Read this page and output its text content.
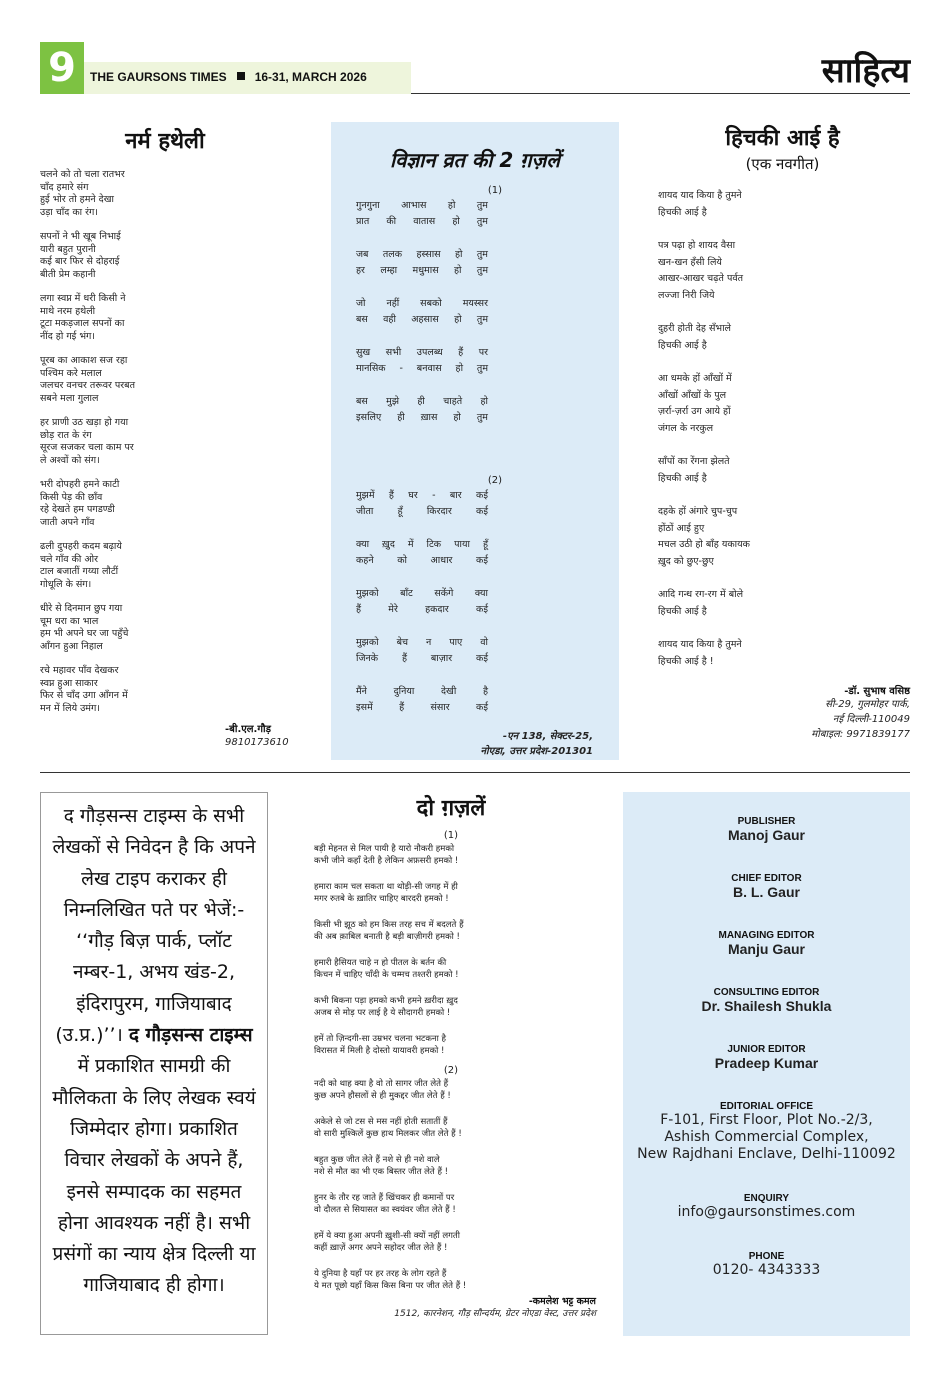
9	THE GAURSONS TIMES 16-31, MARCH 2026	साहित्य
नर्म हथेली
चलने को तो चला रातभर
चाँद हमारे संग
हुई भोर तो हमने देखा
उड़ा चाँद का रंग।
सपनों ने भी खूब निभाई
यारी बहुत पुरानी
कई बार फिर से दोहराई
बीती प्रेम कहानी
लगा स्वप्न में धरी किसी ने
माथे नरम हथेली
टूटा मकड़जाल सपनों का
नींद हो गई भंग।
पूरब का आकाश सज रहा
पश्चिम करे मलाल
जलचर वनचर तरूवर परबत
सबने मला गुलाल
हर प्राणी उठ खड़ा हो गया
छोड़ रात के रंग
सूरज सजकर चला काम पर
ले अश्वों को संग।
भरी दोपहरी हमने काटी
किसी पेड़ की छाँव
रहे देखते हम पगडण्डी
जाती अपने गाँव
ढली दुपहरी कदम बढ़ाये
चले गाँव की ओर
टाल बजातीं गय्या लौटीं
गोधूलि के संग।
धीरे से दिनमान छुप गया
चूम धरा का भाल
हम भी अपने घर जा पहुँचे
आँगन हुआ निहाल
रचे महावर पाँव देखकर
स्वप्न हुआ साकार
फिर से चाँद उगा आँगन में
मन में लिये उमंग।
-बी.एल.गौड़
9810173610
विज्ञान व्रत की 2 ग़ज़लें
(1)
गुनगुना आभास हो तुम
प्रात की वातास हो तुम
जब तलक हस्सास हो तुम
हर लम्हा मधुमास हो तुम
जो नहीं सबको मयस्सर
बस वही अहसास हो तुम
सुख सभी उपलब्ध हैं पर
मानसिक - बनवास हो तुम
बस मुझे ही चाहते हो
इसलिए ही ख़ास हो तुम
(2)
मुझमें हैं घर - बार कई
जीता हूँ किरदार कई
क्या ख़ुद में टिक पाया हूँ
कहने को आधार कई
मुझको बाँट सकेंगे क्या
हैं मेरे हकदार कई
मुझको बेच न पाए वो
जिनके हैं बाज़ार कई
मैंने दुनिया देखी है
इसमें हैं संसार कई
-एन 138, सेक्टर-25,
नोएडा, उत्तर प्रदेश-201301
हिचकी आई है
(एक नवगीत)
शायद याद किया है तुमने
हिचकी आई है
पत्र पढ़ा हो शायद वैसा
खन-खन हँसी लिये
आखर-आखर चढ़ते पर्वत
लज्जा निरी जिये
दुहरी होती देह सँभाले
हिचकी आई है
आ धमके हों आँखों में
आँखों आँखों के पुल
ज़र्रा-ज़र्रा उग आये हों
जंगल के नरकुल
साँपों का रेंगना झेलते
हिचकी आई है
दहके हों अंगारे चुप-चुप
होंठों आई हुए
मचल उठी हो बाँह यकायक
ख़ुद को छुए-छुए
आदि गन्ध रग-रग में बोले
हिचकी आई है
शायद याद किया है तुमने
हिचकी आई है !
-डॉ. सुभाष वसिष्ठ
सी-29, गुलमोहर पार्क,
नई दिल्ली-110049
मोबाइल: 9971839177
द गौड़सन्स टाइम्स के सभी लेखकों से निवेदन है कि अपने लेख टाइप कराकर ही निम्नलिखित पते पर भेजें:- ‘‘गौड़ बिज़ पार्क, प्लॉट नम्बर-1, अभय खंड-2, इंदिरापुरम, गाजियाबाद (उ.प्र.)’’। द गौड़सन्स टाइम्स में प्रकाशित सामग्री की मौलिकता के लिए लेखक स्वयं जिम्मेदार होगा। प्रकाशित विचार लेखकों के अपने हैं, इनसे सम्पादक का सहमत होना आवश्यक नहीं है। सभी प्रसंगों का न्याय क्षेत्र दिल्ली या गाजियाबाद ही होगा।
दो ग़ज़लें
(1)
बड़ी मेहनत से मिल पायी है यारो नौकरी हमको
कभी जीने कहाँ देती है लेकिन अफ़सरी हमको !
हमारा काम चल सकता था थोड़ी-सी जगह में ही
मगर रुतबे के ख़ातिर चाहिए बारदरी हमको !
किसी भी झूठ को हम किस तरह सच में बदलते हैं
की अब क़ाबिल बनाती है बड़ी बाज़ीगरी हमको !
हमारी हैसियत चाहे न हो पीतल के बर्तन की
किचन में चाहिए चाँदी के चम्मच तश्तरी हमको !
कभी बिकना पड़ा हमको कभी हमने ख़रीदा ख़ुद
अजब से मोड़ पर लाई है ये सौदागरी हमको !
हमें तो ज़िन्दगी-सा उम्रभर चलना भटकना है
विरासत में मिली है दोस्तो यायावरी हमको !
(2)
नदी को थाह क्या है वो तो सागर जीत लेते हैं
कुछ अपने हौसलों से ही मुकद्दर जीत लेते हैं !
अकेले से जो टस से मस नहीं होती सतातीं हैं
वो सारी मुश्किलें कुछ हाथ मिलकर जीत लेते हैं !
बहुत कुछ जीत लेते हैं नशे से ही नशे वाले
नशे से मौत का भी एक बिस्तर जीत लेते हैं !
हुनर के तौर रह जाते हैं खिंचकर ही कमानों पर
वो दौलत से सियासत का स्वयंवर जीत लेते हैं !
हमें ये क्या हुआ अपनी ख़ुशी-सी क्यों नहीं लगती
कहीं ख़ाज़ें अगर अपने सहोदर जीत लेते हैं !
ये दुनिया है यहाँ पर हर तरह के लोग रहते हैं
ये मत पूछो यहाँ किस किस बिना पर जीत लेते हैं !
-कमलेश भट्ट कमल
1512, कारनेशन, गौड़ सौन्दर्यम, ग्रेटर नोएडा वेस्ट, उत्तर प्रदेश
PUBLISHER
Manoj Gaur
CHIEF EDITOR
B. L. Gaur
MANAGING EDITOR
Manju Gaur
CONSULTING EDITOR
Dr. Shailesh Shukla
JUNIOR EDITOR
Pradeep Kumar
EDITORIAL OFFICE
F-101, First Floor, Plot No.-2/3,
Ashish Commercial Complex,
New Rajdhani Enclave, Delhi-110092
ENQUIRY
info@gaursonstimes.com
PHONE
0120- 4343333
